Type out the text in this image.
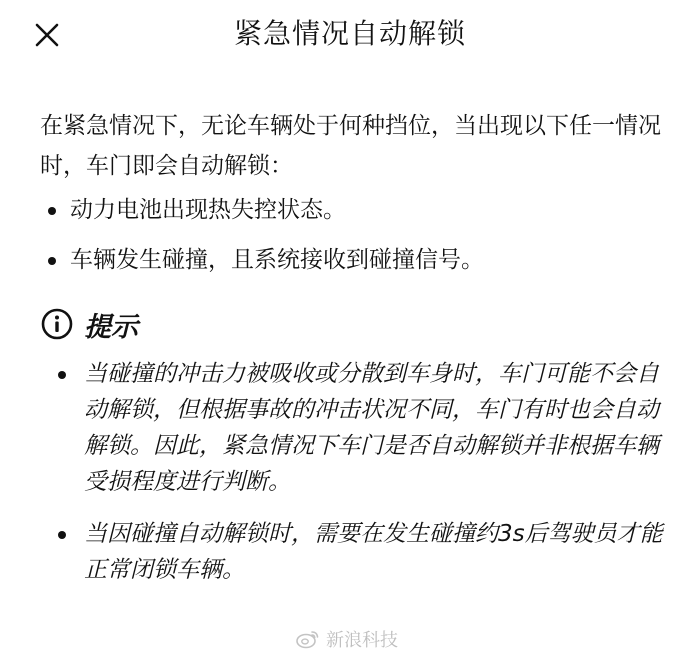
紧急情况自动解锁

在紧急情况下，无论车辆处于何种挡位，当出现以下任一情况时，车门即会自动解锁：

动力电池出现热失控状态。
车辆发生碰撞，且系统接收到碰撞信号。
提示
当碰撞的冲击力被吸收或分散到车身时，车门可能不会自动解锁，但根据事故的冲击状况不同，车门有时也会自动解锁。因此，紧急情况下车门是否自动解锁并非根据车辆受损程度进行判断。
当因碰撞自动解锁时，需要在发生碰撞约3s后驾驶员才能正常闭锁车辆。
新浪科技
